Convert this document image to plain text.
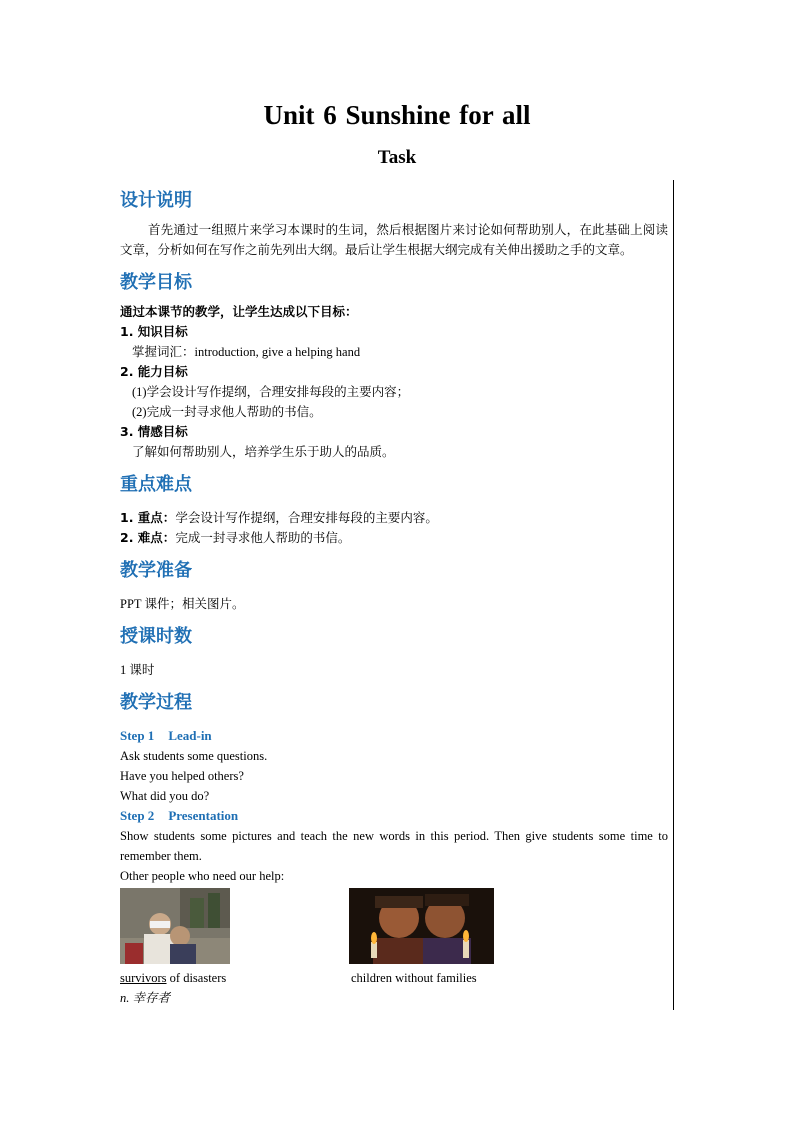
Unit 6 Sunshine for all
Task

设计说明

首先通过一组照片来学习本课时的生词，然后根据图片来讨论如何帮助别人，在此基础上阅读文章，分析如何在写作之前先列出大纲。最后让学生根据大纲完成有关伸出援助之手的文章。

教学目标

通过本课节的教学，让学生达成以下目标：

1. 知识目标

掌握词汇：introduction, give a helping hand

2. 能力目标

(1)学会设计写作提纲，合理安排每段的主要内容；

(2)完成一封寻求他人帮助的书信。

3. 情感目标

了解如何帮助别人，培养学生乐于助人的品质。

重点难点

1. 重点：学会设计写作提纲，合理安排每段的主要内容。

2. 难点：完成一封寻求他人帮助的书信。

教学准备

PPT 课件；相关图片。

授课时数

1 课时

教学过程

Step 1 Lead-in

Ask students some questions.

Have you helped others?

What did you do?

Step 2 Presentation

Show students some pictures and teach the new words in this period. Then give students some time to remember them.

Other people who need our help:

survivors of disasters	children without families

n. 幸存者
